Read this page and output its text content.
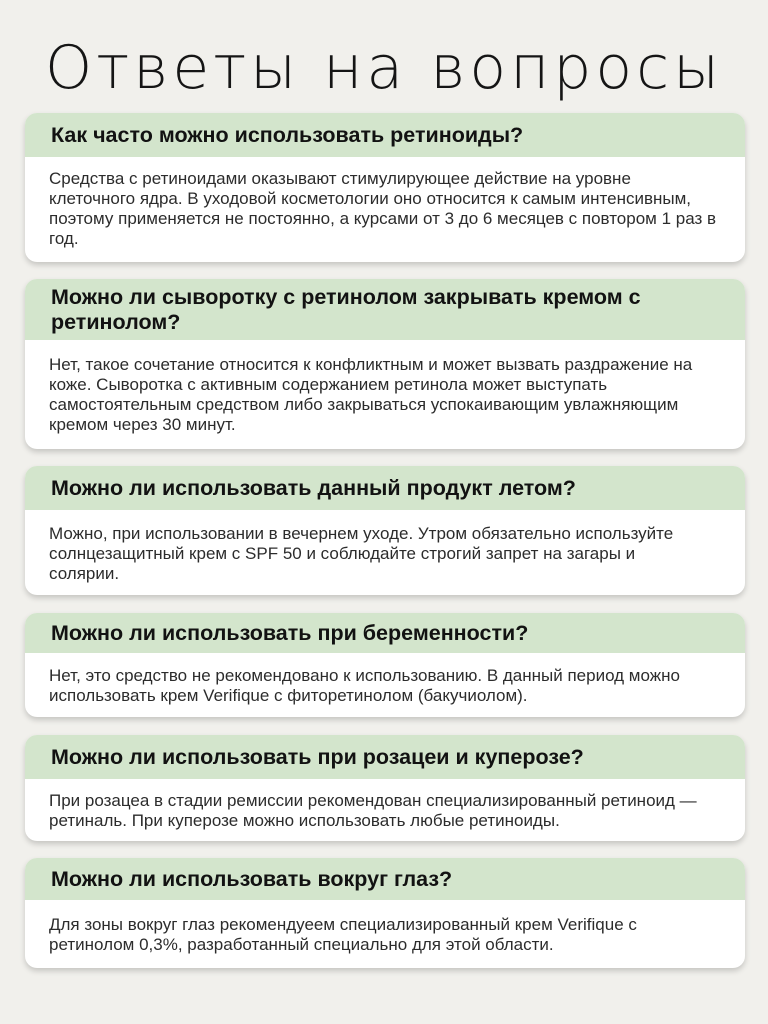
Ответы на вопросы
Как часто можно использовать ретиноиды?
Средства с ретиноидами оказывают стимулирующее действие на уровне клеточного ядра. В уходовой косметологии оно относится к самым интенсивным, поэтому применяется не постоянно, а курсами от 3 до 6 месяцев с повтором 1 раз в год.
Можно ли сыворотку с ретинолом закрывать кремом с ретинолом?
Нет, такое сочетание относится к конфликтным и может вызвать раздражениe на коже. Сыворотка с активным содержанием ретинола может выступать самостоятельным средством либо закрываться успокаивающим увлажняющим кремом через 30 минут.
Можно ли использовать данный продукт летом?
Можно, при использовании в вечернем уходе. Утром обязательно используйте солнцезащитный крем с SPF 50 и соблюдайте строгий запрет на загары и солярии.
Можно ли использовать при беременности?
Нет, это средство не рекомендовано к использованию. В данный период можно использовать крем Verifique с фиторетинолом (бакучиолом).
Можно ли использовать при розацеи и куперозе?
При розацеа в стадии ремиссии рекомендован специализированный ретиноид — ретиналь. При куперозе можно использовать любые ретиноиды.
Можно ли использовать вокруг глаз?
Для зоны вокруг глаз рекомендуеем специализированный крем Verifique с ретинолом 0,3%, разработанный специально для этой области.
